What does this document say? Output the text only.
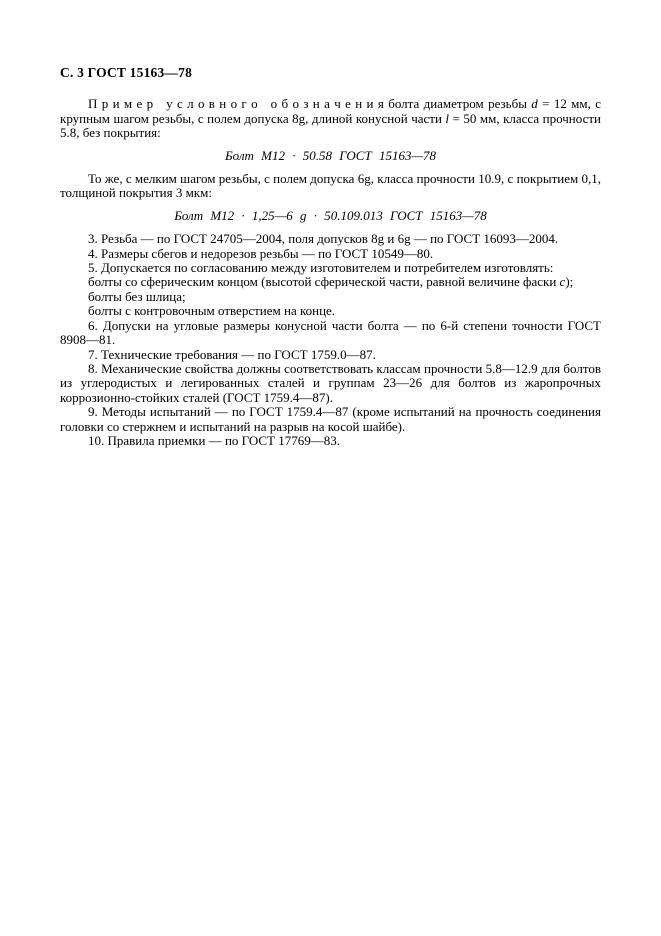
С. 3 ГОСТ 15163—78

П р и м е р   у с л о в н о г о   о б о з н а ч е н и я болта диаметром резьбы d = 12 мм, с крупным шагом резьбы, с полем допуска 8g, длиной конусной части l = 50 мм, класса прочности 5.8, без покрытия:

Болт М12 · 50.58 ГОСТ 15163—78

То же, с мелким шагом резьбы, с полем допуска 6g, класса прочности 10.9, с покрытием 0,1, толщиной покрытия 3 мкм:

Болт М12 · 1,25—6 g · 50.109.013 ГОСТ 15163—78

3. Резьба — по ГОСТ 24705—2004, поля допусков 8g и 6g — по ГОСТ 16093—2004.

4. Размеры сбегов и недорезов резьбы — по ГОСТ 10549—80.

5. Допускается по согласованию между изготовителем и потребителем изготовлять:

болты со сферическим концом (высотой сферической части, равной величине фаски c);

болты без шлица;

болты с контровочным отверстием на конце.

6. Допуски на угловые размеры конусной части болта — по 6-й степени точности ГОСТ 8908—81.

7. Технические требования — по ГОСТ 1759.0—87.

8. Механические свойства должны соответствовать классам прочности 5.8—12.9 для болтов из углеродистых и легированных сталей и группам 23—26 для болтов из жаропрочных коррозионно-стойких сталей (ГОСТ 1759.4—87).

9. Методы испытаний — по ГОСТ 1759.4—87 (кроме испытаний на прочность соединения головки со стержнем и испытаний на разрыв на косой шайбе).

10. Правила приемки — по ГОСТ 17769—83.
